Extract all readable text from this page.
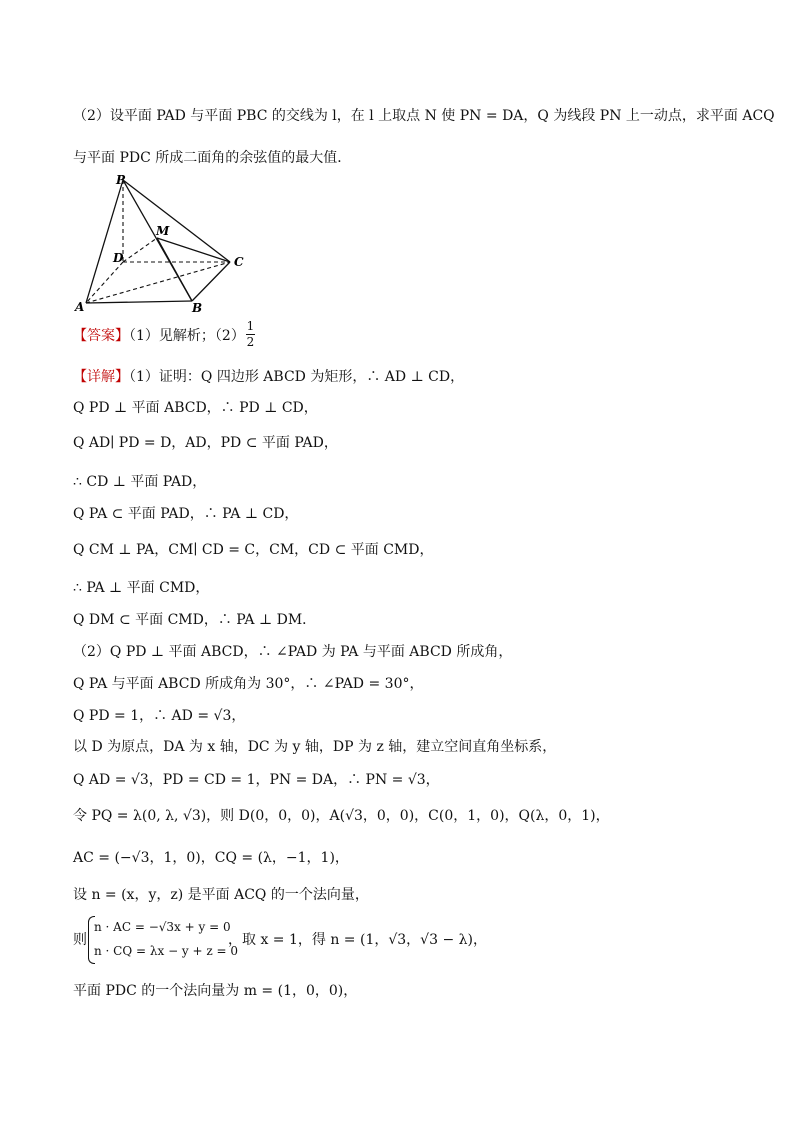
（2）设平面 PAD 与平面 PBC 的交线为 l，在 l 上取点 N 使 PN = DA，Q 为线段 PN 上一动点，求平面 ACQ
与平面 PDC 所成二面角的余弦值的最大值．
P
M
D	C
A	B
【答案】（1）见解析；（2）
1
2
【详解】（1）证明：Q 四边形 ABCD 为矩形，∴ AD ⊥ CD，
Q PD ⊥ 平面 ABCD，∴ PD ⊥ CD，
Q AD∣ PD = D，AD，PD ⊂ 平面 PAD，
∴ CD ⊥ 平面 PAD，
Q PA ⊂ 平面 PAD，∴ PA ⊥ CD，
Q CM ⊥ PA，CM∣ CD = C，CM，CD ⊂ 平面 CMD，
∴ PA ⊥ 平面 CMD，
Q DM ⊂ 平面 CMD，∴ PA ⊥ DM．
（2）Q PD ⊥ 平面 ABCD，∴ ∠PAD 为 PA 与平面 ABCD 所成角，
Q PA 与平面 ABCD 所成角为 30°，∴ ∠PAD = 30°，
Q PD = 1，∴ AD = √3，
以 D 为原点，DA 为 x 轴，DC 为 y 轴，DP 为 z 轴，建立空间直角坐标系，
Q AD = √3，PD = CD = 1，PN = DA，∴ PN = √3，
令 PQ = λ(0, λ, √3)，则 D(0，0，0)，A(√3，0，0)，C(0，1，0)，Q(λ，0，1)，
AC = (−√3，1，0)，CQ = (λ，−1，1)，
设 n = (x，y，z) 是平面 ACQ 的一个法向量，
则
n · AC = −√3x + y = 0
n · CQ = λx − y + z = 0
，取 x = 1，得 n = (1，√3，√3 − λ)，
平面 PDC 的一个法向量为 m = (1，0，0)，
